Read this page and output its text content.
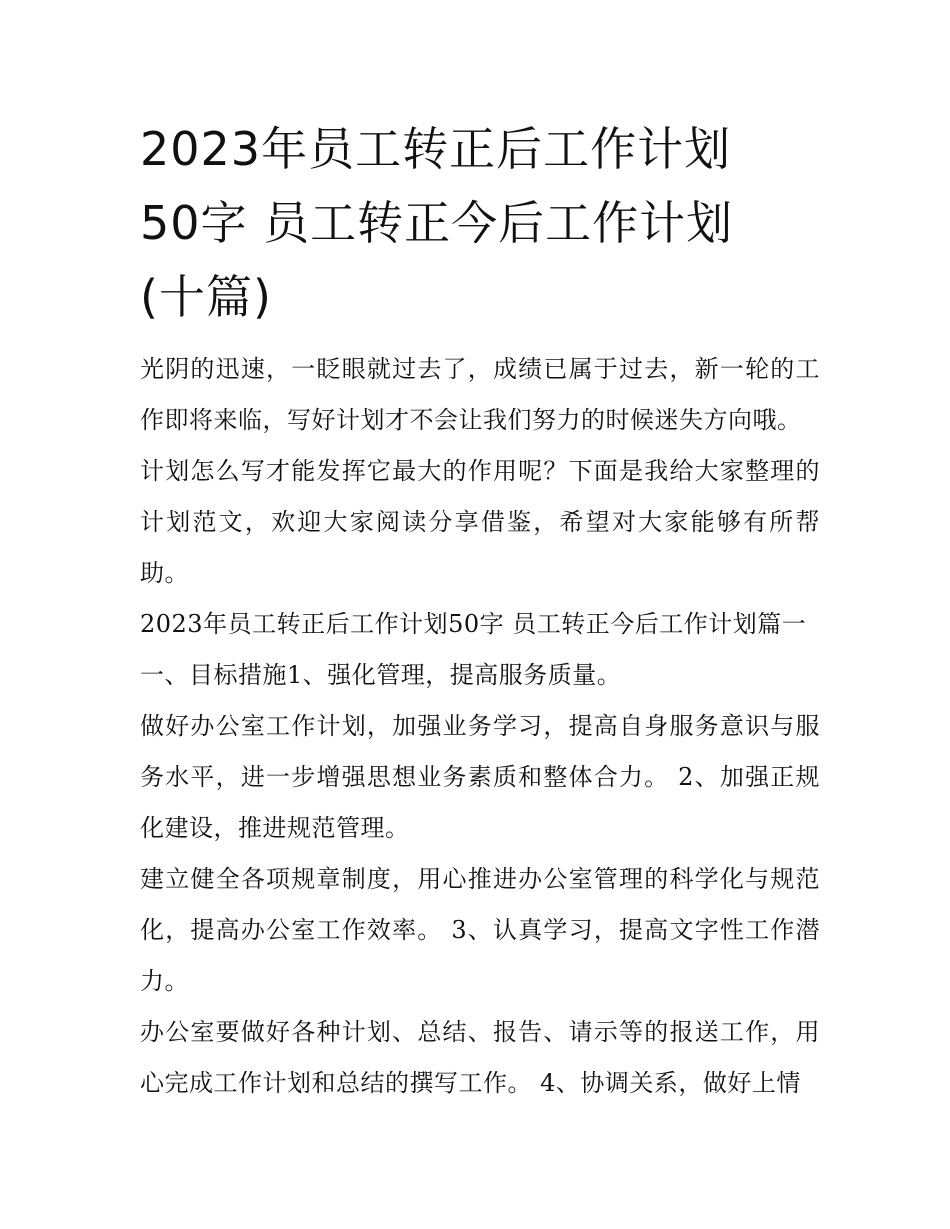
2023年员工转正后工作计划
50字 员工转正今后工作计划
(十篇)

光阴的迅速，一眨眼就过去了，成绩已属于过去，新一轮的工作即将来临，写好计划才不会让我们努力的时候迷失方向哦。

计划怎么写才能发挥它最大的作用呢？下面是我给大家整理的计划范文，欢迎大家阅读分享借鉴，希望对大家能够有所帮助。

2023年员工转正后工作计划50字 员工转正今后工作计划篇一

一、目标措施1、强化管理，提高服务质量。

做好办公室工作计划，加强业务学习，提高自身服务意识与服务水平，进一步增强思想业务素质和整体合力。 2、加强正规化建设，推进规范管理。

建立健全各项规章制度，用心推进办公室管理的科学化与规范化，提高办公室工作效率。 3、认真学习，提高文字性工作潜力。

办公室要做好各种计划、总结、报告、请示等的报送工作，用心完成工作计划和总结的撰写工作。 4、协调关系，做好上情
